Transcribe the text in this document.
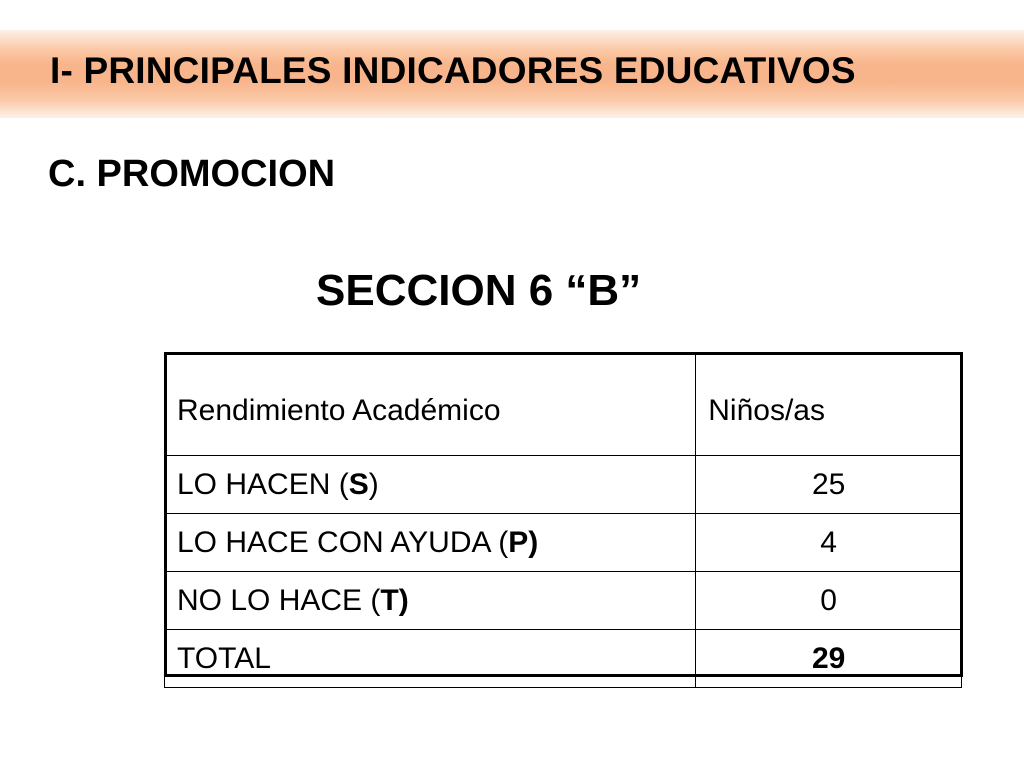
I- PRINCIPALES INDICADORES EDUCATIVOS
C. PROMOCION
SECCION 6 “B”
Rendimiento Académico	Niños/as
LO HACEN (S)	25
LO HACE CON AYUDA (P)	4
NO LO HACE (T)	0
TOTAL	29
